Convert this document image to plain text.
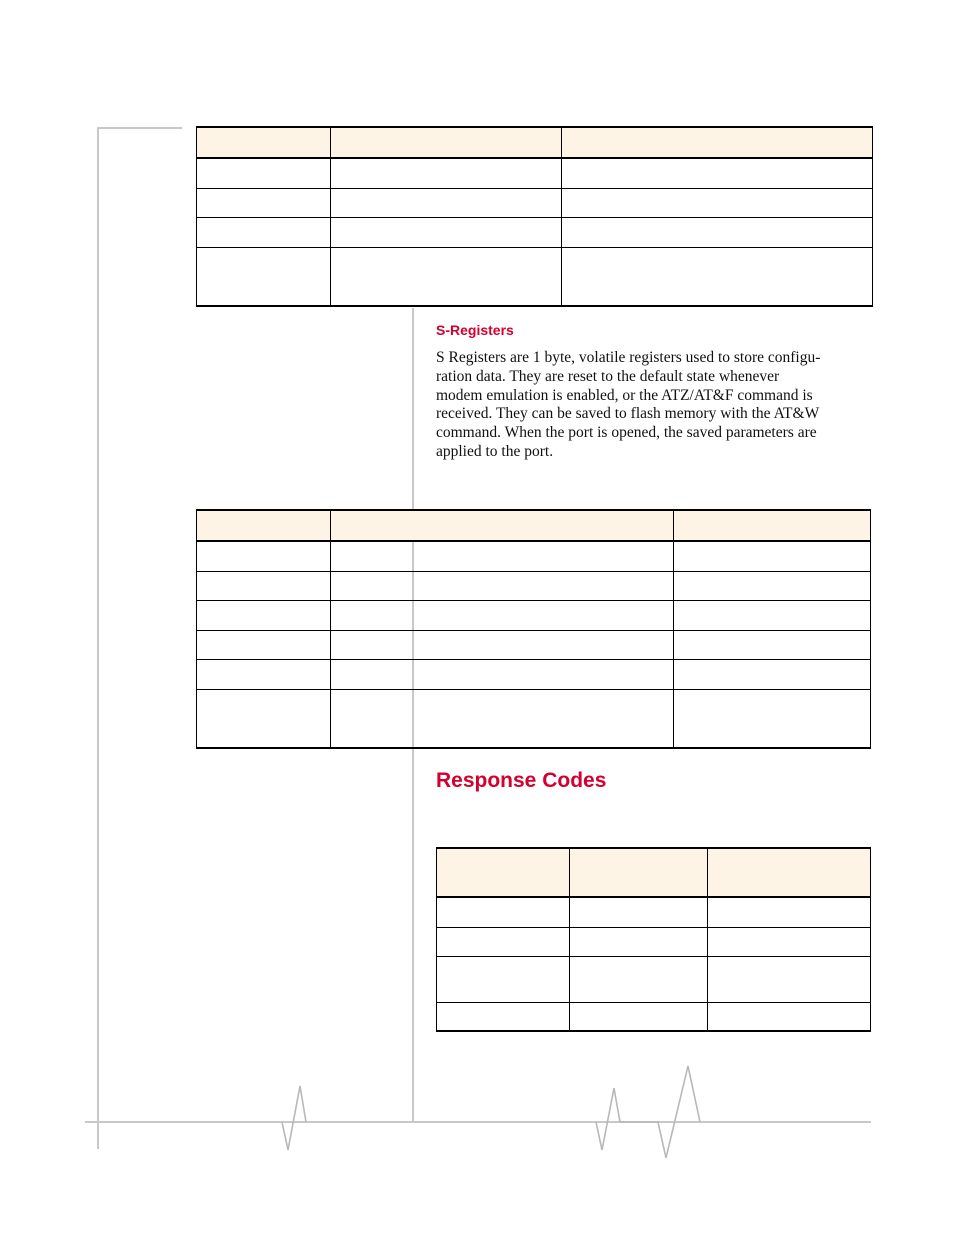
S-Registers
S Registers are 1 byte, volatile registers used to store configu-
ration data. They are reset to the default state whenever
modem emulation is enabled, or the ATZ/AT&F command is
received. They can be saved to flash memory with the AT&W
command. When the port is opened, the saved parameters are
applied to the port.

Response Codes
